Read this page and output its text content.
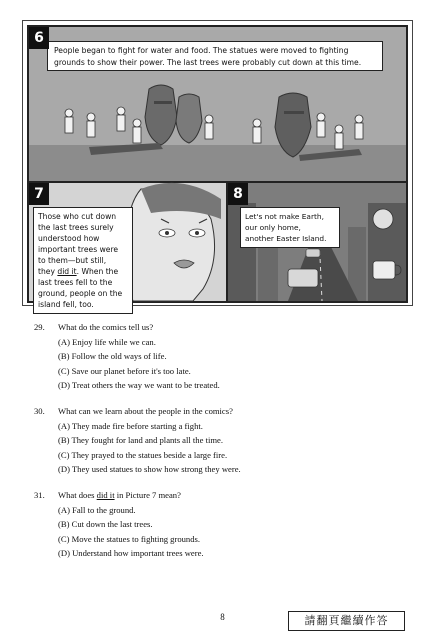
6
People began to fight for water and food. The statues were moved to fighting
grounds to show their power. The last trees were probably cut down at this time.
7
Those who cut down
the last trees surely
understood how
important trees were
to them—but still,
they did it. When the
last trees fell to the
ground, people on the
island fell, too.
8
Let's not make Earth, our only home,
another Easter Island.
29.	What do the comics tell us?
(A) Enjoy life while we can.
(B) Follow the old ways of life.
(C) Save our planet before it's too late.
(D) Treat others the way we want to be treated.
30.	What can we learn about the people in the comics?
(A) They made fire before starting a fight.
(B) They fought for land and plants all the time.
(C) They prayed to the statues beside a large fire.
(D) They used statues to show how strong they were.
31.	What does did it in Picture 7 mean?
(A) Fall to the ground.
(B) Cut down the last trees.
(C) Move the statues to fighting grounds.
(D) Understand how important trees were.
8	請翻頁繼續作答
